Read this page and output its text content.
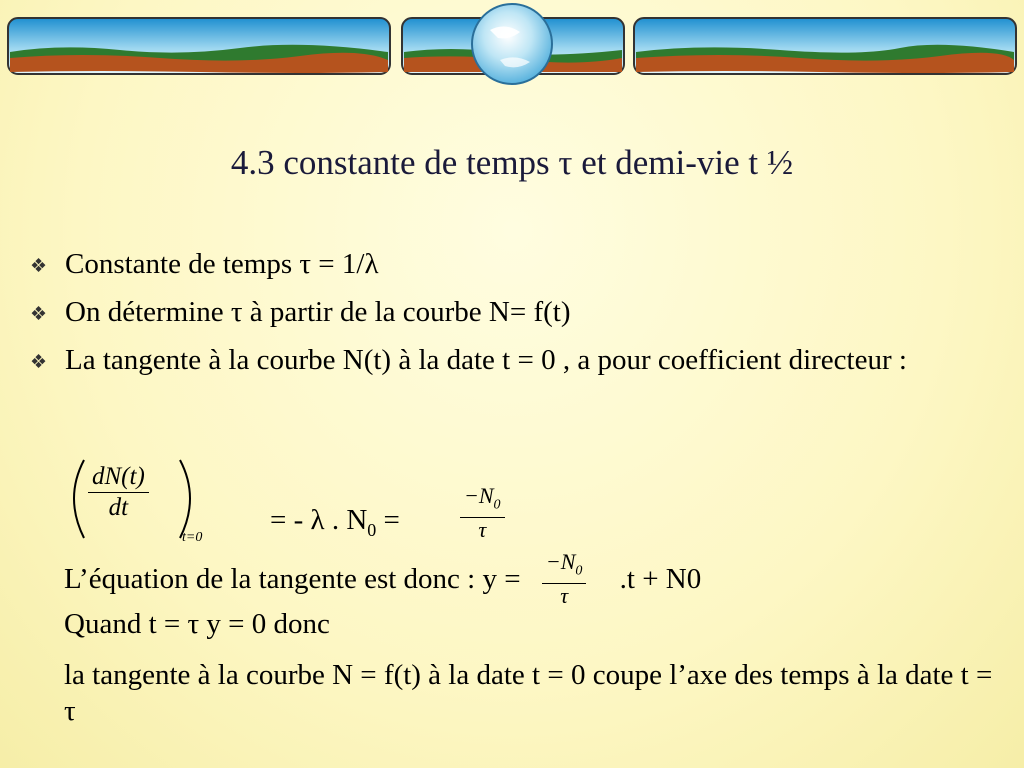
4.3 constante de temps τ et demi-vie t ½
❖ Constante de temps τ = 1/λ
❖ On détermine τ à partir de la courbe N= f(t)
❖ La tangente à la courbe N(t) à la date t = 0 , a pour coefficient directeur :
$\frac{dN(t)}{dt}$
t=0
= - λ . $N_0$ =	$\frac{-N_0}{\tau}$
L’équation de la tangente est donc : $y = \frac{-N_0}{\tau} .t + N0$
Quand t = τ y = 0 donc
la tangente à la courbe N = f(t) à la date t = 0 coupe l’axe des temps à la date t = τ
